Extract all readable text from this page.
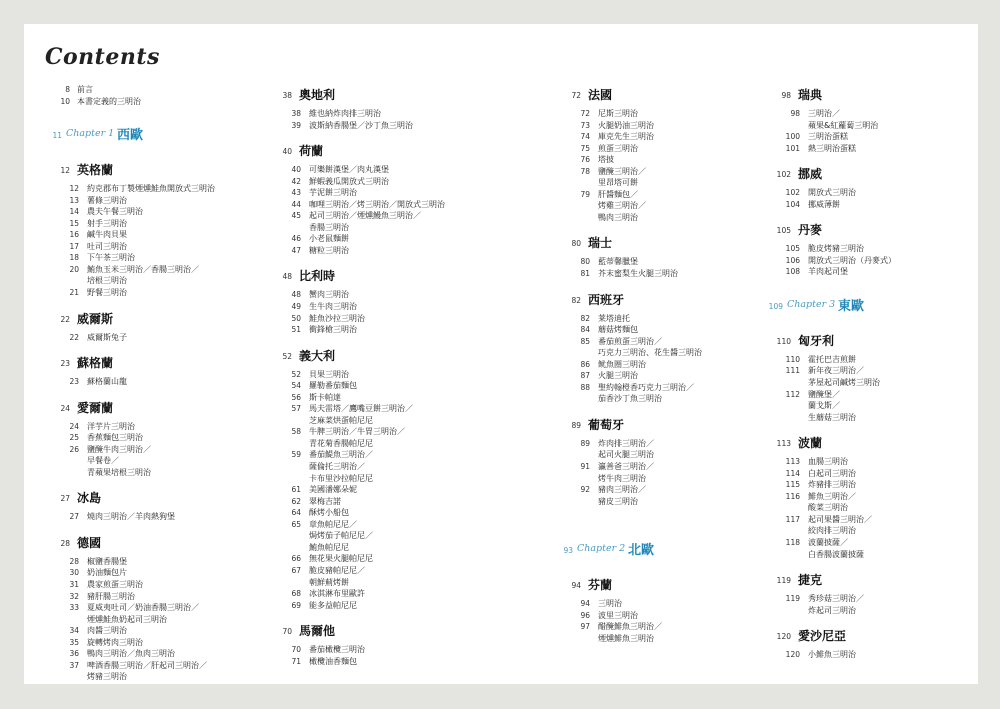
Contents
8 前言
10 本書定義的三明治
11 Chapter 1 西歐
12 英格蘭
12 約克郡布丁製煙燻鮭魚開放式三明治
13 薯條三明治
14 農夫午餐三明治
15 射手三明治
16 鹹牛肉貝果
17 吐司三明治
18 下午茶三明治
20 鮪魚玉米三明治／香腸三明治／
培根三明治
21 野餐三明治
22 威爾斯
22 威爾斯兔子
23 蘇格蘭
23 蘇格蘭山龍
24 愛爾蘭
24 洋芋片三明治
25 香蕉麵包三明治
26 鹽醃牛肉三明治／
早餐卷／
青蘋果培根三明治
27 冰島
27 燒肉三明治／羊肉熱狗堡
28 德國
28 椒鹽香腸堡
30 奶油麵包片
31 農家煎蛋三明治
32 豬肝腸三明治
33 夏威夷吐司／奶油香腸三明治／
煙燻鮭魚奶起司三明治
34 肉醬三明治
35 旋轉烤肉三明治
36 鴨肉三明治／魚肉三明治
37 啤酒香腸三明治／肝起司三明治／
烤豬三明治
38 奧地利
38 維也納炸肉排三明治
39 波斯納香腸堡／沙丁魚三明治
40 荷蘭
40 可樂餅漢堡／肉丸漢堡
42 鮮蝦義瓜開放式三明治
43 芋泥餅三明治
44 咖哩三明治／烤三明治／開放式三明治
45 起司三明治／煙燻鰻魚三明治／
香腸三明治
46 小老鼠麵餅
47 糖粒三明治
48 比利時
48 蟹肉三明治
49 生牛肉三明治
50 鮭魚沙拉三明治
51 衝鋒槍三明治
52 義大利
52 貝果三明治
54 羅勒番茄麵包
56 斯卡帕達
57 馬夫雷塔／鷹嘴豆餅三明治／
芝麻菜烘蛋帕尼尼
58 牛脾三明治／牛胃三明治／
青花菊香腸帕尼尼
59 番茄鯷魚三明治／
薩倫托三明治／
卡布里沙拉帕尼尼
61 美國潘娜朵妮
62 翠梅吉諾
64 酥烤小船包
65 章魚帕尼尼／
焗烤茄子帕尼尼／
鮪魚帕尼尼
66 無花果火腿帕尼尼
67 脆皮豬帕尼尼／
朝鮮薊烤餅
68 冰淇淋布里歐許
69 能多益帕尼尼
70 馬爾他
70 番茄橄欖三明治
71 橄欖油香麵包
72 法國
72 尼斯三明治
73 火腿奶油三明治
74 庫克先生三明治
75 煎蛋三明治
76 塔披
78 鹽醃三明治／
里昂塔可餅
79 肝醬麵包／
烤雞三明治／
鴨肉三明治
80 瑞士
80 藍蒂馨臘堡
81 芥末蜜梨生火腿三明治
82 西班牙
82 莱塔迪托
84 蘑菇烤麵包
85 番茄煎蛋三明治／
巧克力三明治、花生醬三明治
86 鱿魚圈三明治
87 火腿三明治
88 聖約翰橙香巧克力三明治／
茄香沙丁魚三明治
89 葡萄牙
89 炸肉排三明治／
起司火腿三明治
91 瀛善爸三明治／
烤牛肉三明治
92 豬肉三明治／
豬皮三明治
93 Chapter 2 北歐
94 芬蘭
94 三明治
96 波里三明治
97 醋醃鯡魚三明治／
煙燻鯡魚三明治
98 瑞典
98 三明治／
蘋果&紅蘿蔔三明治
100 三明治蛋糕
101 熱三明治蛋糕
102 挪威
102 開放式三明治
104 挪威薄餅
105 丹麥
105 脆皮烤豬三明治
106 開放式三明治（丹麥式）
108 羊肉起司堡
109 Chapter 3 東歐
110 匈牙利
110 霍托巴吉煎餅
111 新年夜三明治／
茅屋起司鹹烤三明治
112 鹽醃堡／
蘭戈斯／
生蘑菇三明治
113 波蘭
113 血腸三明治
114 白起司三明治
115 炸豬排三明治
116 鯡魚三明治／
酸菜三明治
117 起司果醬三明治／
絞肉排三明治
118 波蘭披薩／
白香腸波蘭披薩
119 捷克
119 秀珍菇三明治／
炸起司三明治
120 愛沙尼亞
120 小鯡魚三明治
